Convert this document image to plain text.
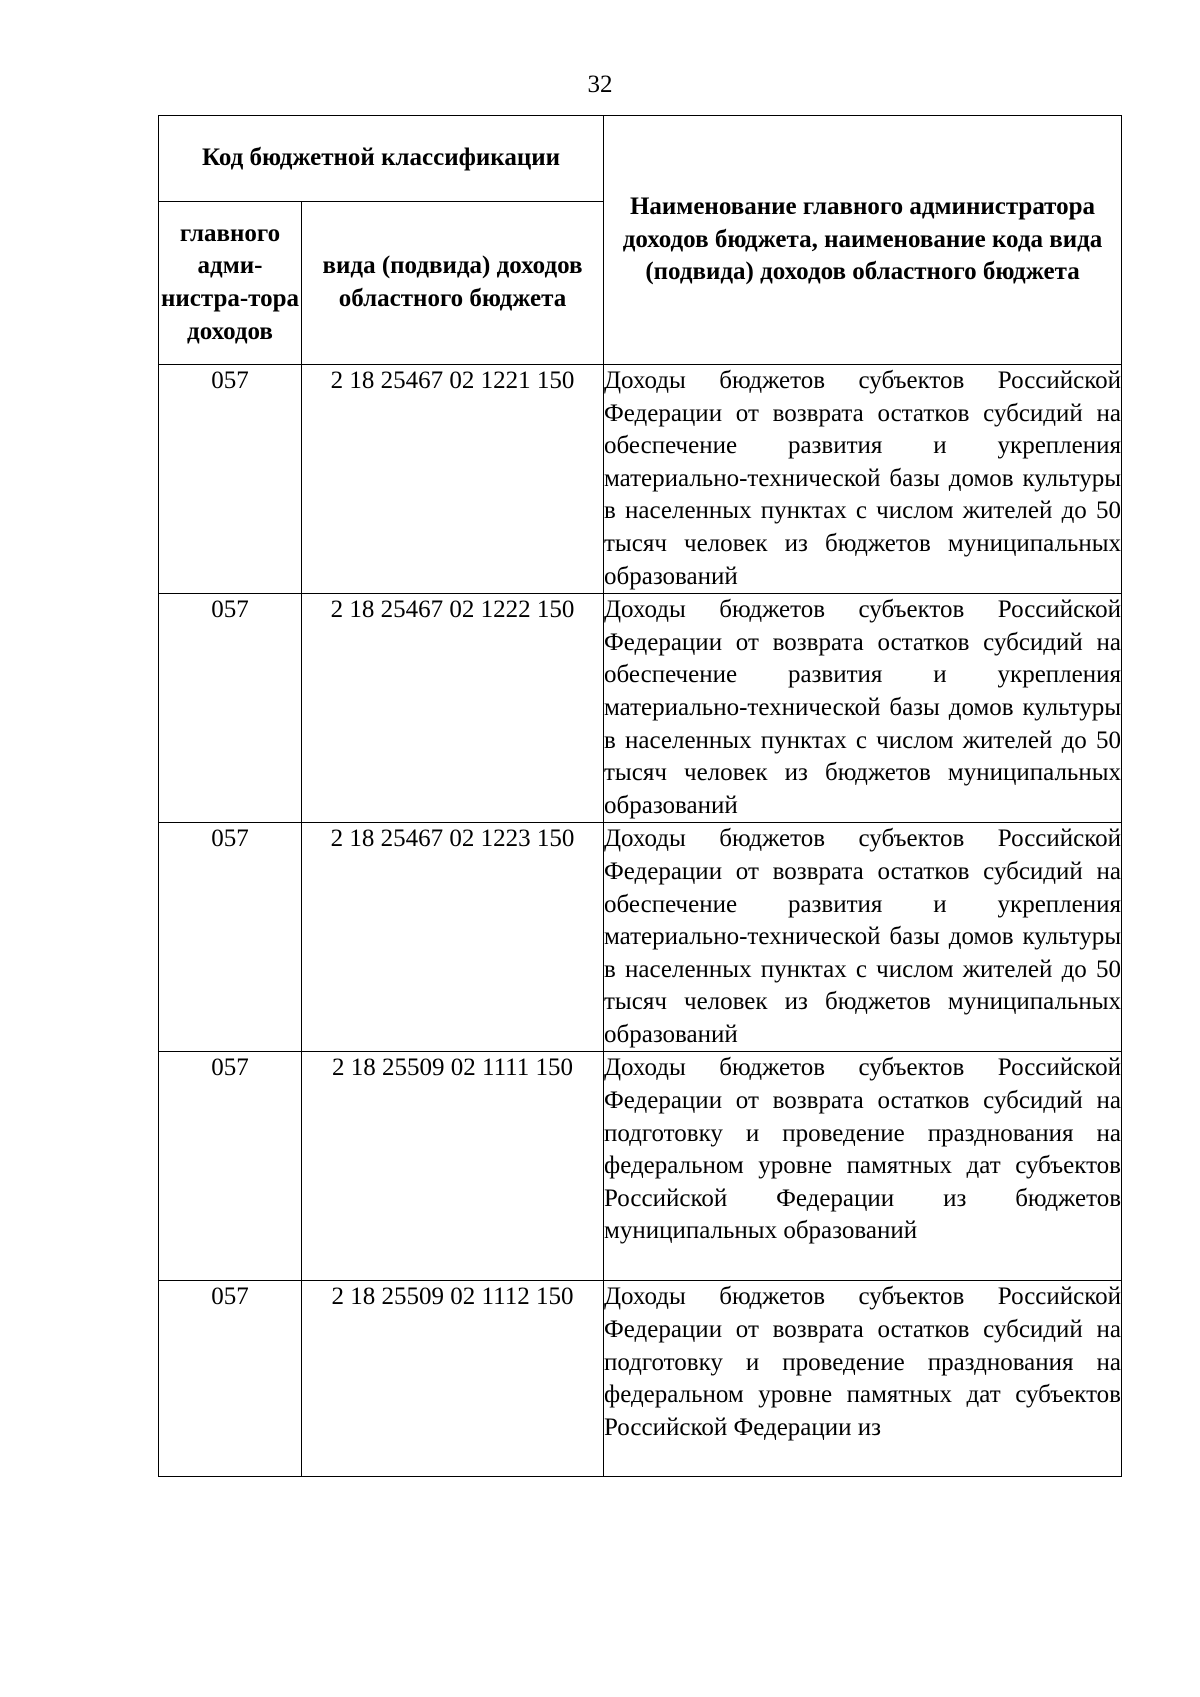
32
Код бюджетной классификации		Наименование главного администратора доходов бюджета, наименование кода вида (подвида) доходов областного бюджета
главного адми-нистра-тора доходов	вида (подвида) доходов областного бюджета	
057	2 18 25467 02 1221 150	Доходы бюджетов субъектов Российской Федерации от возврата остатков субсидий на обеспечение развития и укрепления материально-технической базы домов культуры в населенных пунктах с числом жителей до 50 тысяч человек из бюджетов муниципальных образований
057	2 18 25467 02 1222 150	Доходы бюджетов субъектов Российской Федерации от возврата остатков субсидий на обеспечение развития и укрепления материально-технической базы домов культуры в населенных пунктах с числом жителей до 50 тысяч человек из бюджетов муниципальных образований
057	2 18 25467 02 1223 150	Доходы бюджетов субъектов Российской Федерации от возврата остатков субсидий на обеспечение развития и укрепления материально-технической базы домов культуры в населенных пунктах с числом жителей до 50 тысяч человек из бюджетов муниципальных образований
057	2 18 25509 02 1111 150	Доходы бюджетов субъектов Российской Федерации от возврата остатков субсидий на подготовку и проведение празднования на федеральном уровне памятных дат субъектов Российской Федерации из бюджетов муниципальных образований
057	2 18 25509 02 1112 150	Доходы бюджетов субъектов Российской Федерации от возврата остатков субсидий на подготовку и проведение празднования на федеральном уровне памятных дат субъектов Российской Федерации из
